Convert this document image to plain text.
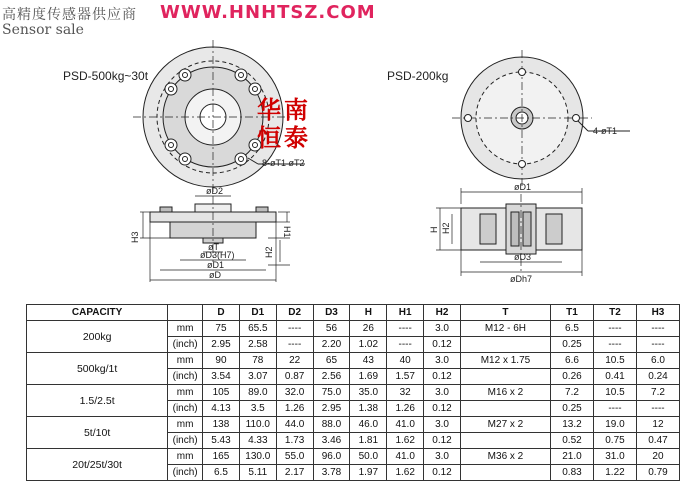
高精度传感器供应商 WWW.HNHTSZ.COM
Sensor sale
PSD-500kg~30t
8-øT1 øT2
øD2
øT
øD3(H7)
øD1
øD
H3	H1
H2
华 南
恒 泰
PSD-200kg
4-øT1
øD1
øD3
øDh7
H H2
CAPACITY		D	D1	D2	D3	H	H1	H2	T	T1	T2	H3
200kg	mm	75	65.5	----	56	26	----	3.0	M12 - 6H	6.5	----	----
	(inch)	2.95	2.58	----	2.20	1.02	----	0.12		0.25	----	----
500kg/1t	mm	90	78	22	65	43	40	3.0	M12 x 1.75	6.6	10.5	6.0
	(inch)	3.54	3.07	0.87	2.56	1.69	1.57	0.12		0.26	0.41	0.24
1.5/2.5t	mm	105	89.0	32.0	75.0	35.0	32	3.0	M16 x 2	7.2	10.5	7.2
	(inch)	4.13	3.5	1.26	2.95	1.38	1.26	0.12		0.25	----	----
5t/10t	mm	138	110.0	44.0	88.0	46.0	41.0	3.0	M27 x 2	13.2	19.0	12
	(inch)	5.43	4.33	1.73	3.46	1.81	1.62	0.12		0.52	0.75	0.47
20t/25t/30t	mm	165	130.0	55.0	96.0	50.0	41.0	3.0	M36 x 2	21.0	31.0	20
	(inch)	6.5	5.11	2.17	3.78	1.97	1.62	0.12		0.83	1.22	0.79
